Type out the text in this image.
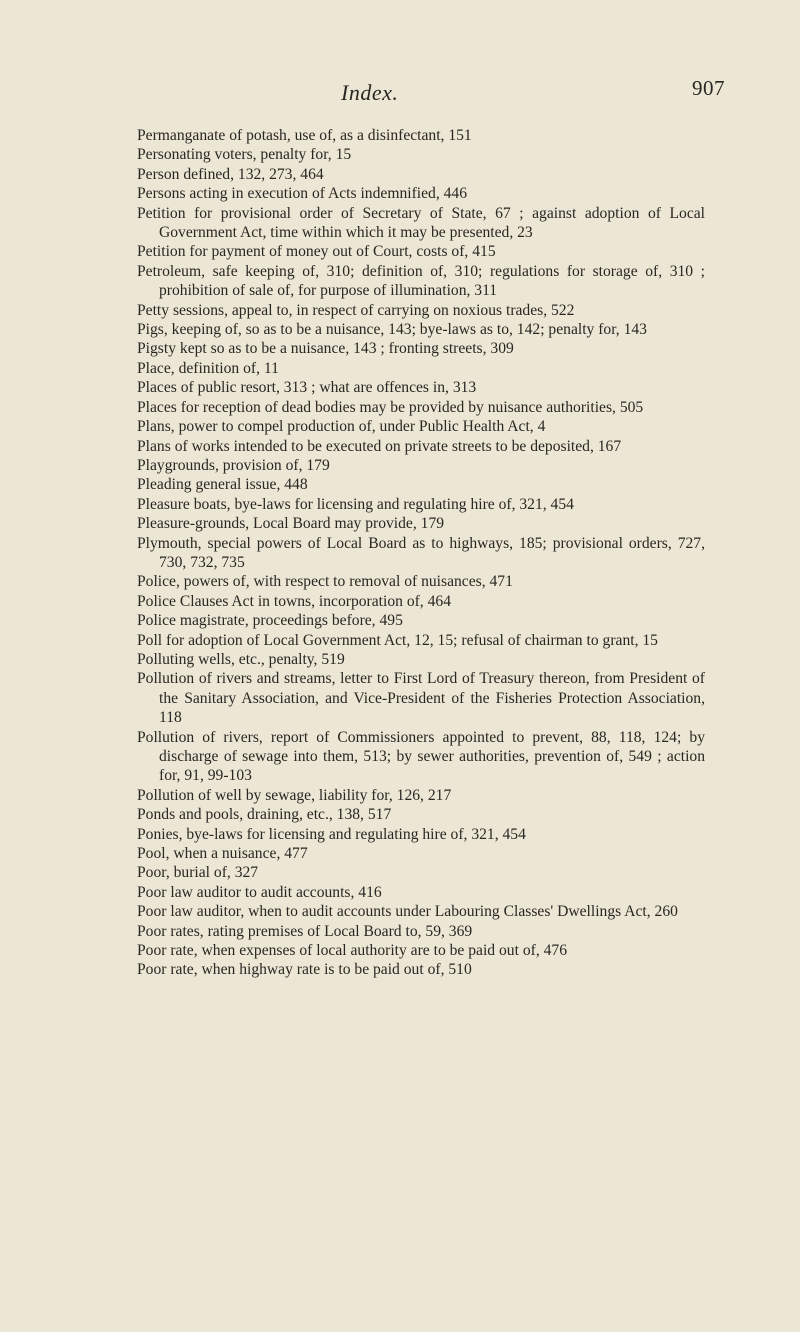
Index.	907

Permanganate of potash, use of, as a disinfectant, 151

Personating voters, penalty for, 15

Person defined, 132, 273, 464

Persons acting in execution of Acts indemnified, 446

Petition for provisional order of Secretary of State, 67 ; against adoption of Local Government Act, time within which it may be presented, 23

Petition for payment of money out of Court, costs of, 415

Petroleum, safe keeping of, 310; definition of, 310; regulations for storage of, 310 ; prohibition of sale of, for purpose of illumination, 311

Petty sessions, appeal to, in respect of carrying on noxious trades, 522

Pigs, keeping of, so as to be a nuisance, 143; bye-laws as to, 142; penalty for, 143

Pigsty kept so as to be a nuisance, 143 ; fronting streets, 309

Place, definition of, 11

Places of public resort, 313 ; what are offences in, 313

Places for reception of dead bodies may be provided by nuisance authorities, 505

Plans, power to compel production of, under Public Health Act, 4

Plans of works intended to be executed on private streets to be deposited, 167

Playgrounds, provision of, 179

Pleading general issue, 448

Pleasure boats, bye-laws for licensing and regulating hire of, 321, 454

Pleasure-grounds, Local Board may provide, 179

Plymouth, special powers of Local Board as to highways, 185; provisional orders, 727, 730, 732, 735

Police, powers of, with respect to removal of nuisances, 471

Police Clauses Act in towns, incorporation of, 464

Police magistrate, proceedings before, 495

Poll for adoption of Local Government Act, 12, 15; refusal of chairman to grant, 15

Polluting wells, etc., penalty, 519

Pollution of rivers and streams, letter to First Lord of Treasury thereon, from President of the Sanitary Association, and Vice-President of the Fisheries Protection Association, 118

Pollution of rivers, report of Commissioners appointed to prevent, 88, 118, 124; by discharge of sewage into them, 513; by sewer authorities, prevention of, 549 ; action for, 91, 99-103

Pollution of well by sewage, liability for, 126, 217

Ponds and pools, draining, etc., 138, 517

Ponies, bye-laws for licensing and regulating hire of, 321, 454

Pool, when a nuisance, 477

Poor, burial of, 327

Poor law auditor to audit accounts, 416

Poor law auditor, when to audit accounts under Labouring Classes' Dwellings Act, 260

Poor rates, rating premises of Local Board to, 59, 369

Poor rate, when expenses of local authority are to be paid out of, 476

Poor rate, when highway rate is to be paid out of, 510
